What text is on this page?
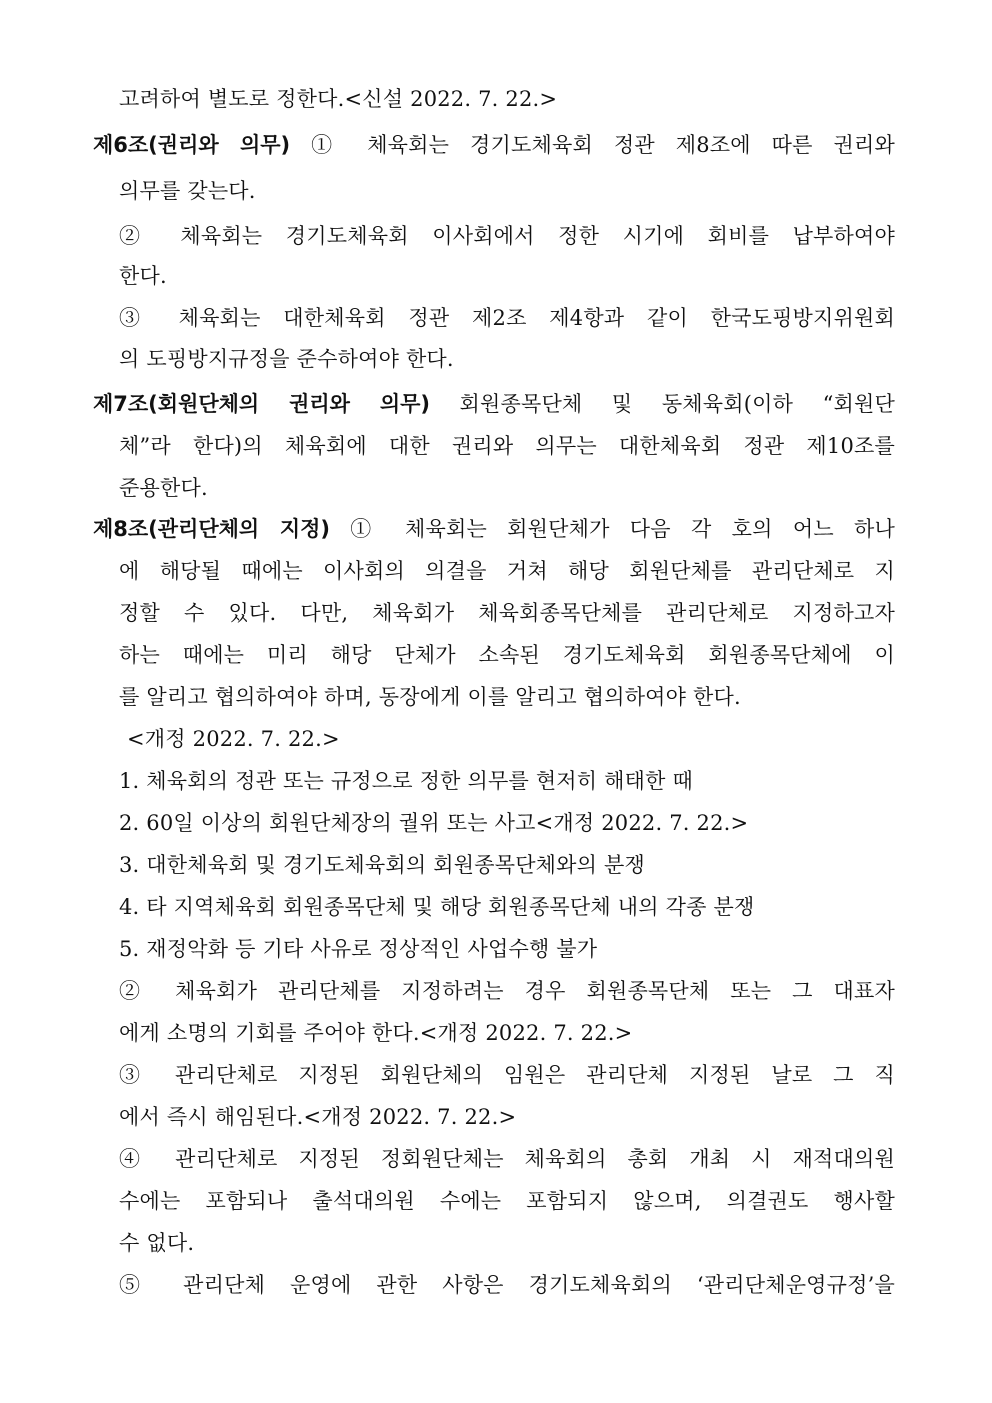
고려하여 별도로 정한다.<신설 2022. 7. 22.>
제6조(권리와 의무) ① 체육회는 경기도체육회 정관 제8조에 따른 권리와
의무를 갖는다.
② 체육회는 경기도체육회 이사회에서 정한 시기에 회비를 납부하여야
한다.
③ 체육회는 대한체육회 정관 제2조 제4항과 같이 한국도핑방지위원회
의 도핑방지규정을 준수하여야 한다.
제7조(회원단체의 권리와 의무) 회원종목단체 및 동체육회(이하 “회원단
체”라 한다)의 체육회에 대한 권리와 의무는 대한체육회 정관 제10조를
준용한다.
제8조(관리단체의 지정) ① 체육회는 회원단체가 다음 각 호의 어느 하나
에 해당될 때에는 이사회의 의결을 거쳐 해당 회원단체를 관리단체로 지
정할 수 있다. 다만, 체육회가 체육회종목단체를 관리단체로 지정하고자
하는 때에는 미리 해당 단체가 소속된 경기도체육회 회원종목단체에 이
를 알리고 협의하여야 하며, 동장에게 이를 알리고 협의하여야 한다.
<개정 2022. 7. 22.>
1. 체육회의 정관 또는 규정으로 정한 의무를 현저히 해태한 때
2. 60일 이상의 회원단체장의 궐위 또는 사고<개정 2022. 7. 22.>
3. 대한체육회 및 경기도체육회의 회원종목단체와의 분쟁
4. 타 지역체육회 회원종목단체 및 해당 회원종목단체 내의 각종 분쟁
5. 재정악화 등 기타 사유로 정상적인 사업수행 불가
② 체육회가 관리단체를 지정하려는 경우 회원종목단체 또는 그 대표자
에게 소명의 기회를 주어야 한다.<개정 2022. 7. 22.>
③ 관리단체로 지정된 회원단체의 임원은 관리단체 지정된 날로 그 직
에서 즉시 해임된다.<개정 2022. 7. 22.>
④ 관리단체로 지정된 정회원단체는 체육회의 총회 개최 시 재적대의원
수에는 포함되나 출석대의원 수에는 포함되지 않으며, 의결권도 행사할
수 없다.
⑤ 관리단체 운영에 관한 사항은 경기도체육회의 ‘관리단체운영규정’을
